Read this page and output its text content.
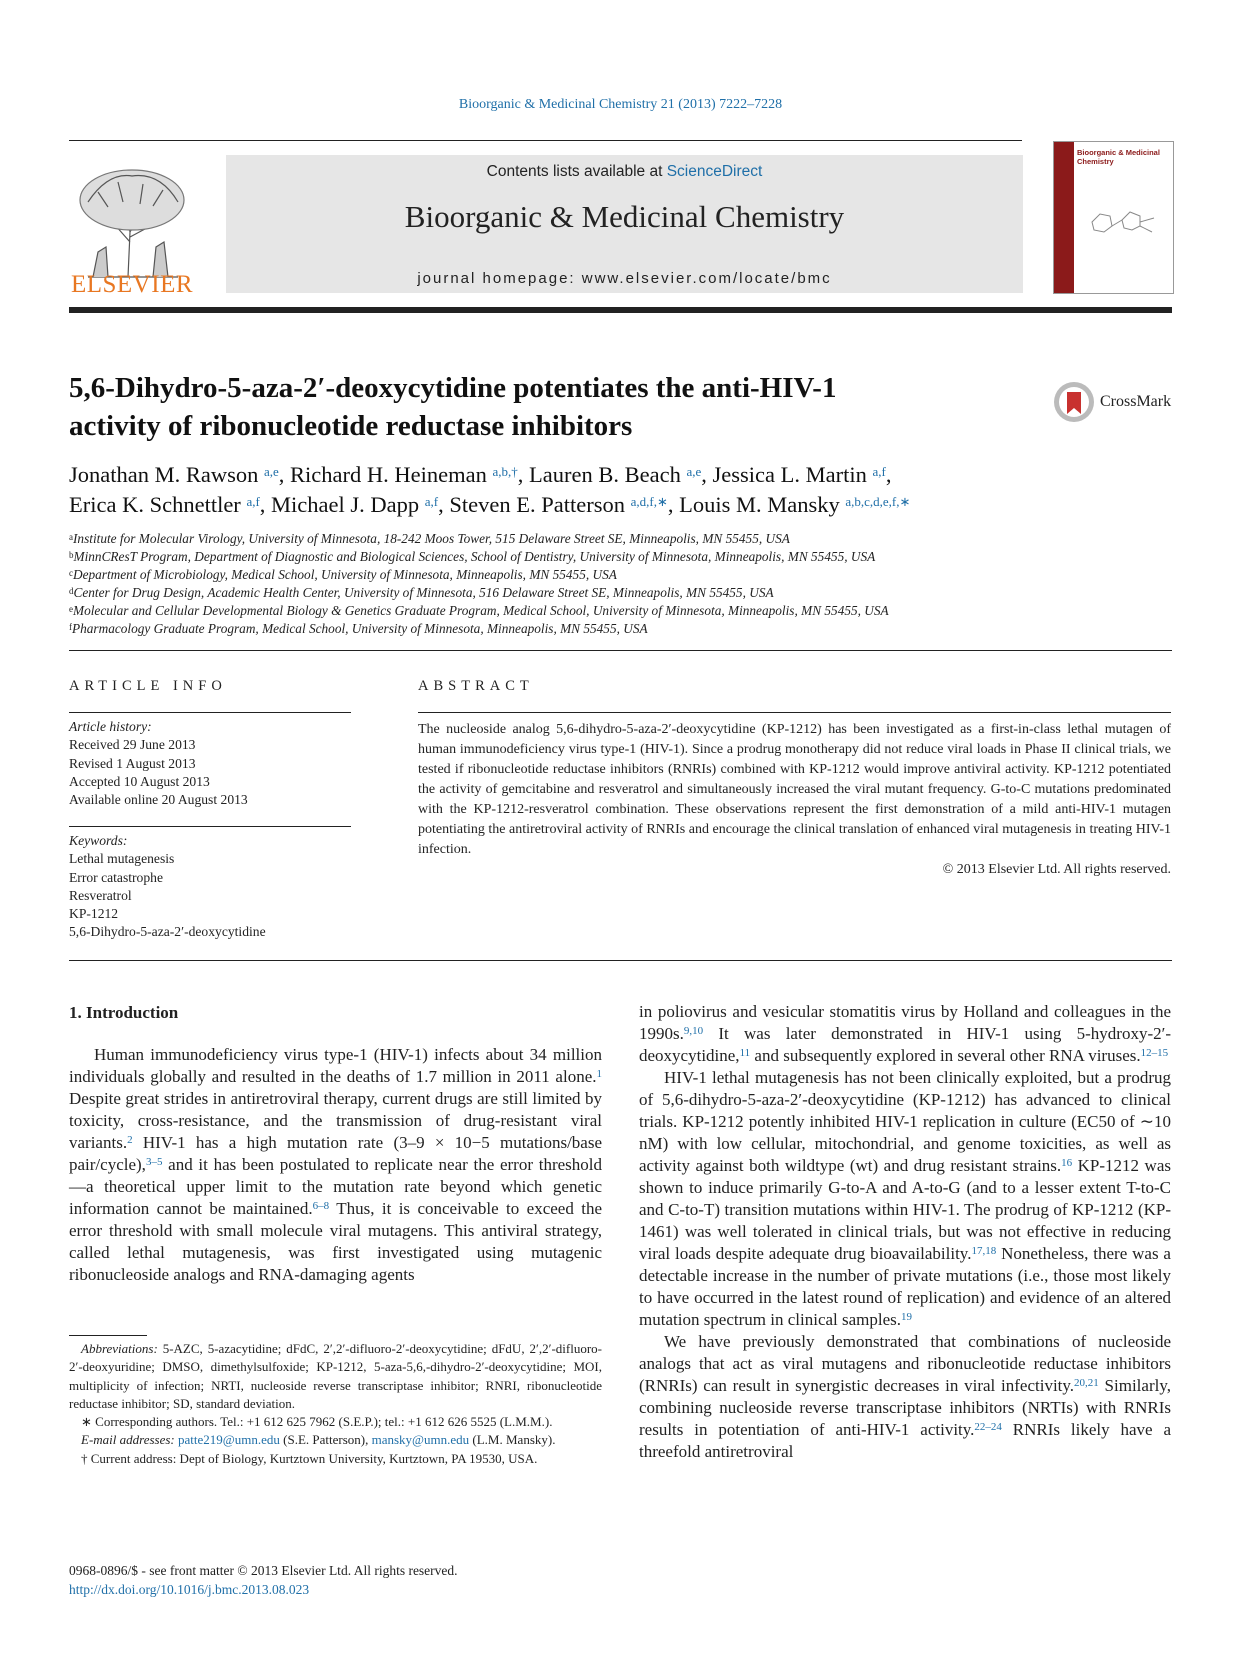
Bioorganic & Medicinal Chemistry 21 (2013) 7222–7228
ELSEVIER
Contents lists available at ScienceDirect
Bioorganic & Medicinal Chemistry
journal homepage: www.elsevier.com/locate/bmc
Bioorganic & Medicinal Chemistry
5,6-Dihydro-5-aza-2′-deoxycytidine potentiates the anti-HIV-1
activity of ribonucleotide reductase inhibitors
CrossMark
Jonathan M. Rawson $^{a,e}$, Richard H. Heineman $^{a,b,\dagger}$, Lauren B. Beach $^{a,e}$, Jessica L. Martin $^{a,f}$,
Erica K. Schnettler $^{a,f}$, Michael J. Dapp $^{a,f}$, Steven E. Patterson $^{a,d,f,∗}$, Louis M. Mansky $^{a,b,c,d,e,f,∗}$
$^a$Institute for Molecular Virology, University of Minnesota, 18-242 Moos Tower, 515 Delaware Street SE, Minneapolis, MN 55455, USA
$^b$MinnCResT Program, Department of Diagnostic and Biological Sciences, School of Dentistry, University of Minnesota, Minneapolis, MN 55455, USA
$^c$Department of Microbiology, Medical School, University of Minnesota, Minneapolis, MN 55455, USA
$^d$Center for Drug Design, Academic Health Center, University of Minnesota, 516 Delaware Street SE, Minneapolis, MN 55455, USA
$^e$Molecular and Cellular Developmental Biology & Genetics Graduate Program, Medical School, University of Minnesota, Minneapolis, MN 55455, USA
$^f$Pharmacology Graduate Program, Medical School, University of Minnesota, Minneapolis, MN 55455, USA
ARTICLE INFO
Article history:
Received 29 June 2013
Revised 1 August 2013
Accepted 10 August 2013
Available online 20 August 2013
Keywords:
Lethal mutagenesis
Error catastrophe
Resveratrol
KP-1212
5,6-Dihydro-5-aza-2′-deoxycytidine
ABSTRACT
The nucleoside analog 5,6-dihydro-5-aza-2′-deoxycytidine (KP-1212) has been investigated as a first-in-class lethal mutagen of human immunodeficiency virus type-1 (HIV-1). Since a prodrug monotherapy did not reduce viral loads in Phase II clinical trials, we tested if ribonucleotide reductase inhibitors (RNRIs) combined with KP-1212 would improve antiviral activity. KP-1212 potentiated the activity of gemcitabine and resveratrol and simultaneously increased the viral mutant frequency. G-to-C mutations predominated with the KP-1212-resveratrol combination. These observations represent the first demonstration of a mild anti-HIV-1 mutagen potentiating the antiretroviral activity of RNRIs and encourage the clinical translation of enhanced viral mutagenesis in treating HIV-1 infection.
© 2013 Elsevier Ltd. All rights reserved.
1. Introduction

Human immunodeficiency virus type-1 (HIV-1) infects about 34 million individuals globally and resulted in the deaths of 1.7 million in 2011 alone.$^1$ Despite great strides in antiretroviral therapy, current drugs are still limited by toxicity, cross-resistance, and the transmission of drug-resistant viral variants.$^2$ HIV-1 has a high mutation rate (3–9 × 10−5 mutations/base pair/cycle),$^{3-5}$ and it has been postulated to replicate near the error threshold—a theoretical upper limit to the mutation rate beyond which genetic information cannot be maintained.$^{6-8}$ Thus, it is conceivable to exceed the error threshold with small molecule viral mutagens. This antiviral strategy, called lethal mutagenesis, was first investigated using mutagenic ribonucleoside analogs and RNA-damaging agents

in poliovirus and vesicular stomatitis virus by Holland and colleagues in the 1990s.$^{9,10}$ It was later demonstrated in HIV-1 using 5-hydroxy-2′-deoxycytidine,$^{11}$ and subsequently explored in several other RNA viruses.$^{12-15}$

HIV-1 lethal mutagenesis has not been clinically exploited, but a prodrug of 5,6-dihydro-5-aza-2′-deoxycytidine (KP-1212) has advanced to clinical trials. KP-1212 potently inhibited HIV-1 replication in culture (EC50 of ∼10 nM) with low cellular, mitochondrial, and genome toxicities, as well as activity against both wildtype (wt) and drug resistant strains.$^{16}$ KP-1212 was shown to induce primarily G-to-A and A-to-G (and to a lesser extent T-to-C and C-to-T) transition mutations within HIV-1. The prodrug of KP-1212 (KP-1461) was well tolerated in clinical trials, but was not effective in reducing viral loads despite adequate drug bioavailability.$^{17,18}$ Nonetheless, there was a detectable increase in the number of private mutations (i.e., those most likely to have occurred in the latest round of replication) and evidence of an altered mutation spectrum in clinical samples.$^{19}$

We have previously demonstrated that combinations of nucleoside analogs that act as viral mutagens and ribonucleotide reductase inhibitors (RNRIs) can result in synergistic decreases in viral infectivity.$^{20,21}$ Similarly, combining nucleoside reverse transcriptase inhibitors (NRTIs) with RNRIs results in potentiation of anti-HIV-1 activity.$^{22-24}$ RNRIs likely have a threefold antiretroviral

Abbreviations: 5-AZC, 5-azacytidine; dFdC, 2′,2′-difluoro-2′-deoxycytidine; dFdU, 2′,2′-difluoro-2′-deoxyuridine; DMSO, dimethylsulfoxide; KP-1212, 5-aza-5,6,-dihydro-2′-deoxycytidine; MOI, multiplicity of infection; NRTI, nucleoside reverse transcriptase inhibitor; RNRI, ribonucleotide reductase inhibitor; SD, standard deviation.

∗ Corresponding authors. Tel.: +1 612 625 7962 (S.E.P.); tel.: +1 612 626 5525 (L.M.M.).

E-mail addresses: patte219@umn.edu (S.E. Patterson), mansky@umn.edu (L.M. Mansky).

† Current address: Dept of Biology, Kurtztown University, Kurtztown, PA 19530, USA.

0968-0896/$ - see front matter © 2013 Elsevier Ltd. All rights reserved.
http://dx.doi.org/10.1016/j.bmc.2013.08.023
